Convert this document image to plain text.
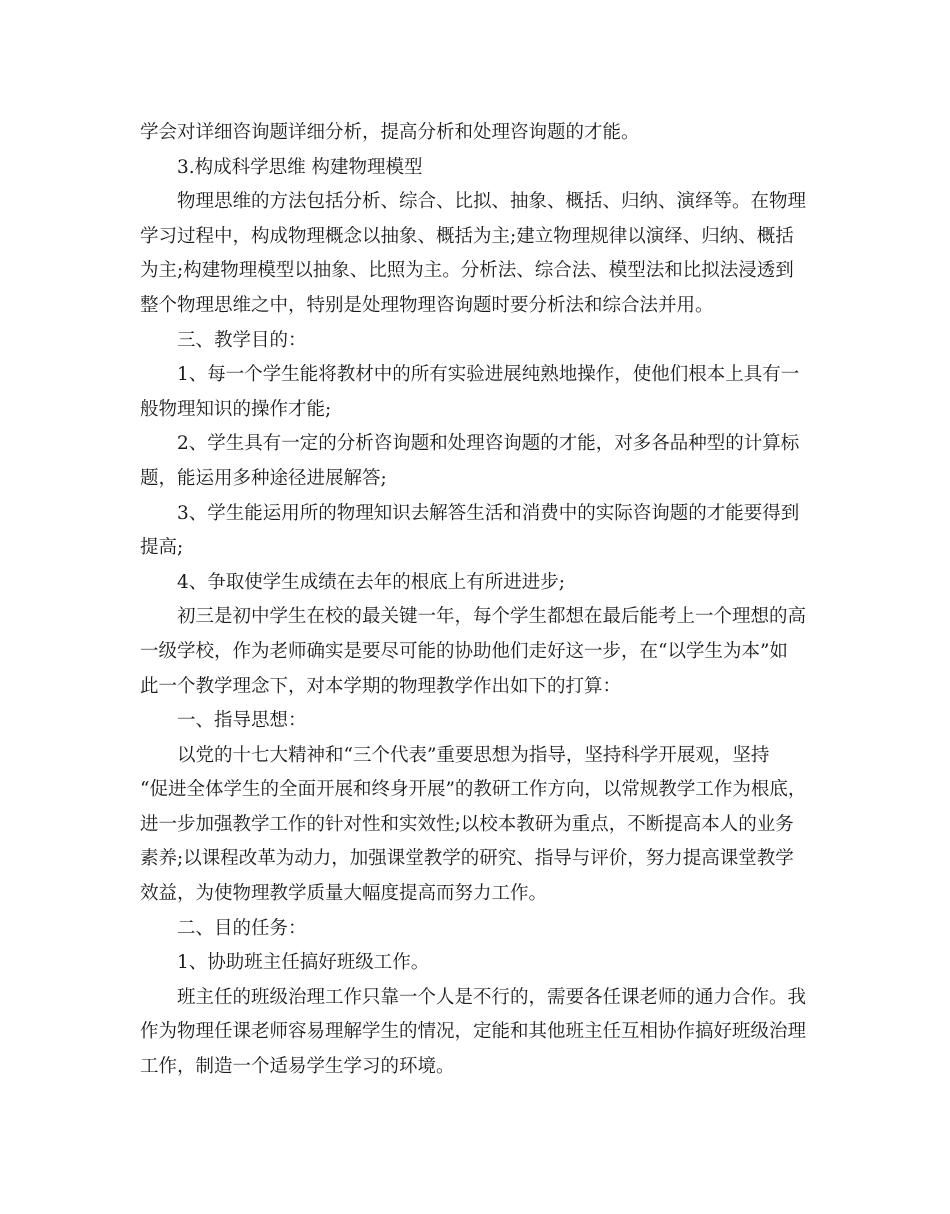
学会对详细咨询题详细分析，提高分析和处理咨询题的才能。
3.构成科学思维 构建物理模型
物理思维的方法包括分析、综合、比拟、抽象、概括、归纳、演绎等。在物理
学习过程中，构成物理概念以抽象、概括为主;建立物理规律以演绎、归纳、概括
为主;构建物理模型以抽象、比照为主。分析法、综合法、模型法和比拟法浸透到
整个物理思维之中，特别是处理物理咨询题时要分析法和综合法并用。
三、教学目的：
1、每一个学生能将教材中的所有实验进展纯熟地操作，使他们根本上具有一
般物理知识的操作才能;
2、学生具有一定的分析咨询题和处理咨询题的才能，对多各品种型的计算标
题，能运用多种途径进展解答;
3、学生能运用所的物理知识去解答生活和消费中的实际咨询题的才能要得到
提高;
4、争取使学生成绩在去年的根底上有所进进步;
初三是初中学生在校的最关键一年，每个学生都想在最后能考上一个理想的高
一级学校，作为老师确实是要尽可能的协助他们走好这一步，在“以学生为本”如
此一个教学理念下，对本学期的物理教学作出如下的打算：
一、指导思想：
以党的十七大精神和“三个代表”重要思想为指导，坚持科学开展观，坚持
“促进全体学生的全面开展和终身开展”的教研工作方向，以常规教学工作为根底，
进一步加强教学工作的针对性和实效性;以校本教研为重点，不断提高本人的业务
素养;以课程改革为动力，加强课堂教学的研究、指导与评价，努力提高课堂教学
效益，为使物理教学质量大幅度提高而努力工作。
二、目的任务：
1、协助班主任搞好班级工作。
班主任的班级治理工作只靠一个人是不行的，需要各任课老师的通力合作。我
作为物理任课老师容易理解学生的情况，定能和其他班主任互相协作搞好班级治理
工作，制造一个适易学生学习的环境。
